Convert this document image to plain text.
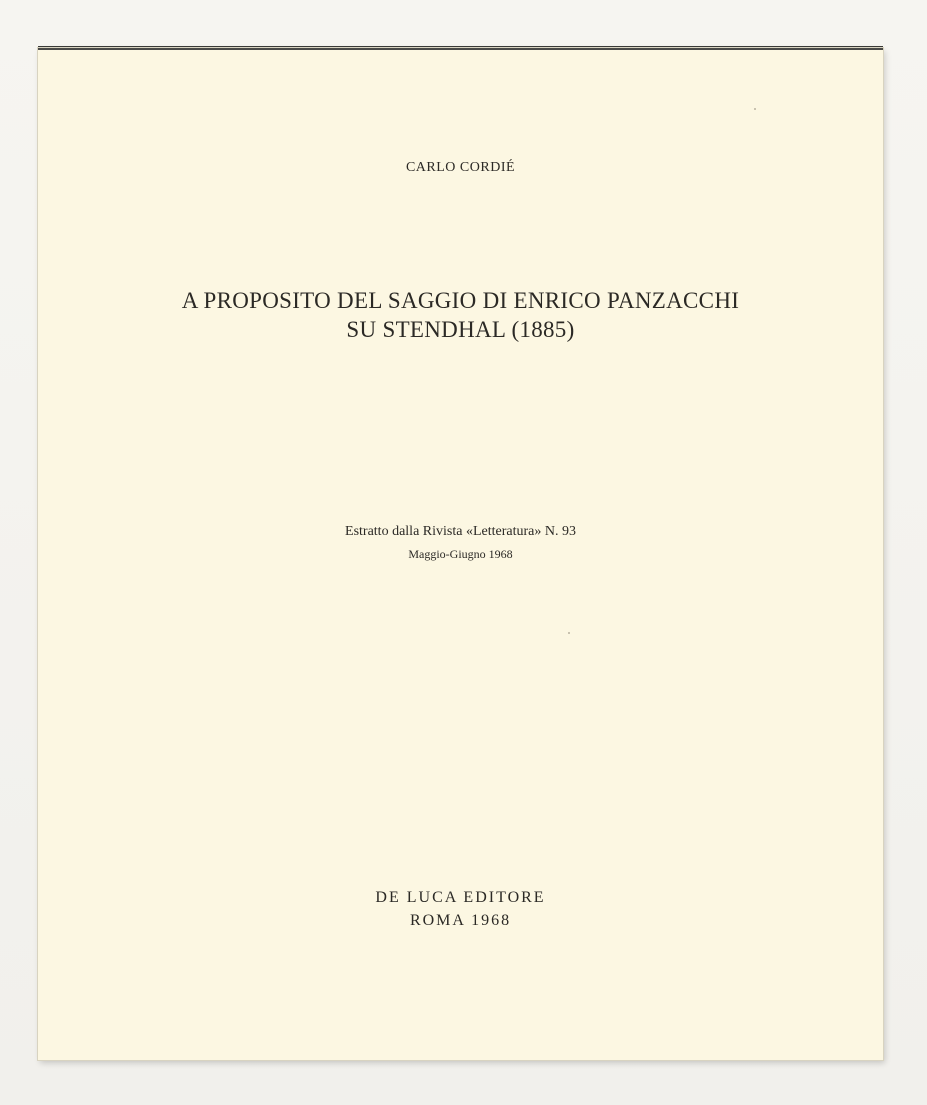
CARLO CORDIÉ
A PROPOSITO DEL SAGGIO DI ENRICO PANZACCHI
SU STENDHAL (1885)
Estratto dalla Rivista «Letteratura» N. 93
Maggio-Giugno 1968
DE LUCA EDITORE
ROMA 1968
